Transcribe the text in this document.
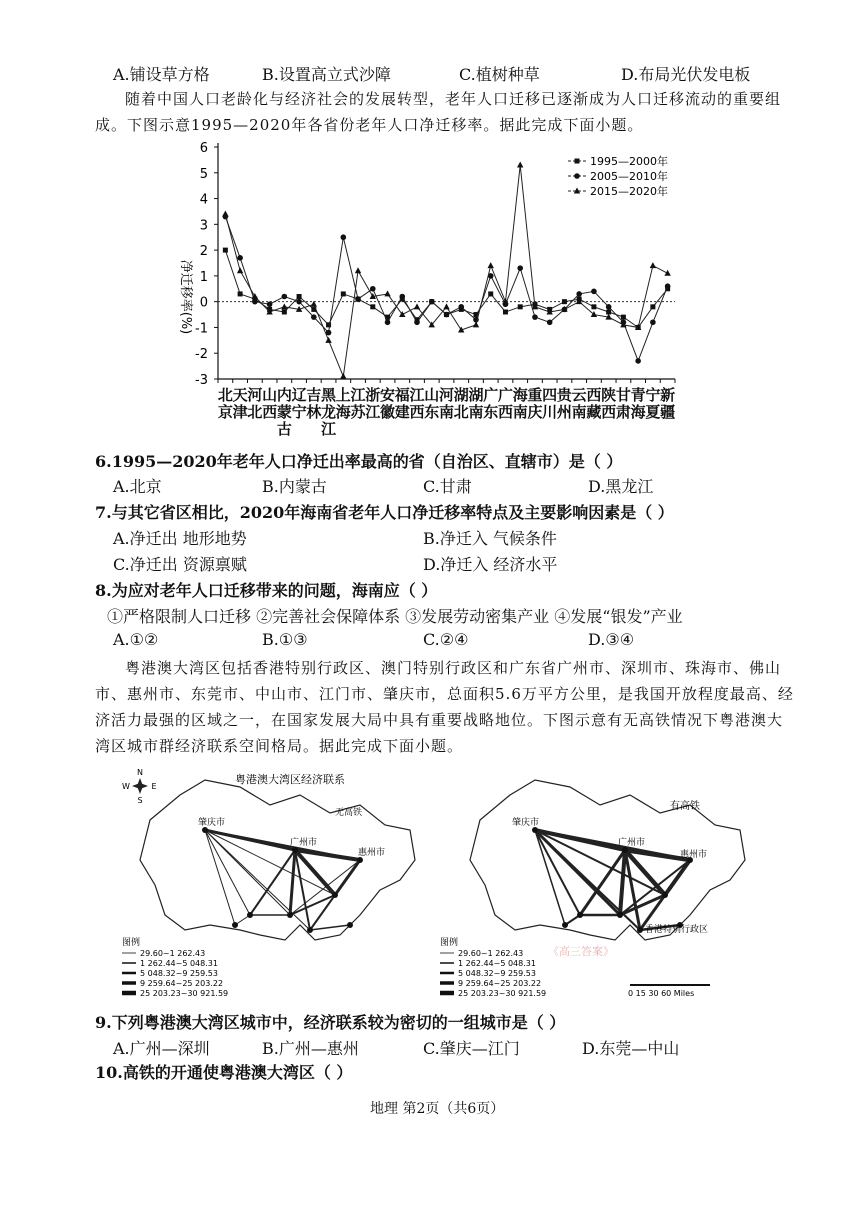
A.铺设草方格	B.设置高立式沙障	C.植树种草	D.布局光伏发电板
随着中国人口老龄化与经济社会的发展转型，老年人口迁移已逐渐成为人口迁移流动的重要组成。下图示意1995—2020年各省份老年人口净迁移率。据此完成下面小题。
6
5
4
3
2
1
0
-1
-2
-3
1995—2000年
2005—2010年
2015—2020年
净迁移率(%)
北
京
天
津
河
北
山
西
内
蒙
古
辽
宁
吉
林
黑
龙
江
上
海
江
苏
浙
江
安
徽
福
建
江
西
山
东
河
南
湖
北
湖
南
广
东
广
西
海
南
重
庆
四
川
贵
州
云
南
西
藏
陕
西
甘
肃
青
海
宁
夏
新
疆
6.1995—2020年老年人口净迁出率最高的省（自治区、直辖市）是（ ）
A.北京	B.内蒙古	C.甘肃	D.黑龙江
7.与其它省区相比，2020年海南省老年人口净迁移率特点及主要影响因素是（ ）
A.净迁出 地形地势	B.净迁入 气候条件
C.净迁出 资源禀赋	D.净迁入 经济水平
8.为应对老年人口迁移带来的问题，海南应（ ）
①严格限制人口迁移 ②完善社会保障体系 ③发展劳动密集产业 ④发展“银发”产业
A.①②	B.①③	C.②④	D.③④
粤港澳大湾区包括香港特别行政区、澳门特别行政区和广东省广州市、深圳市、珠海市、佛山市、惠州市、东莞市、中山市、江门市、肇庆市，总面积5.6万平方公里，是我国开放程度最高、经济活力最强的区域之一，在国家发展大局中具有重要战略地位。下图示意有无高铁情况下粤港澳大湾区城市群经济联系空间格局。据此完成下面小题。
粤港澳大湾区经济联系
无高铁
肇庆市
广州市
惠州市
N
W	E
S
图例
29.60~1 262.43
1 262.44~5 048.31
5 048.32~9 259.53
9 259.64~25 203.22
25 203.23~30 921.59
有高铁
肇庆市
广州市
惠州市
香港特别行政区
图例
29.60~1 262.43
1 262.44~5 048.31
5 048.32~9 259.53
9 259.64~25 203.22
25 203.23~30 921.59	0 15 30 60 Miles
《高三答案》
9.下列粤港澳大湾区城市中，经济联系较为密切的一组城市是（ ）
A.广州—深圳	B.广州—惠州	C.肇庆—江门	D.东莞—中山
10.高铁的开通使粤港澳大湾区（ ）
地理 第2页（共6页）
